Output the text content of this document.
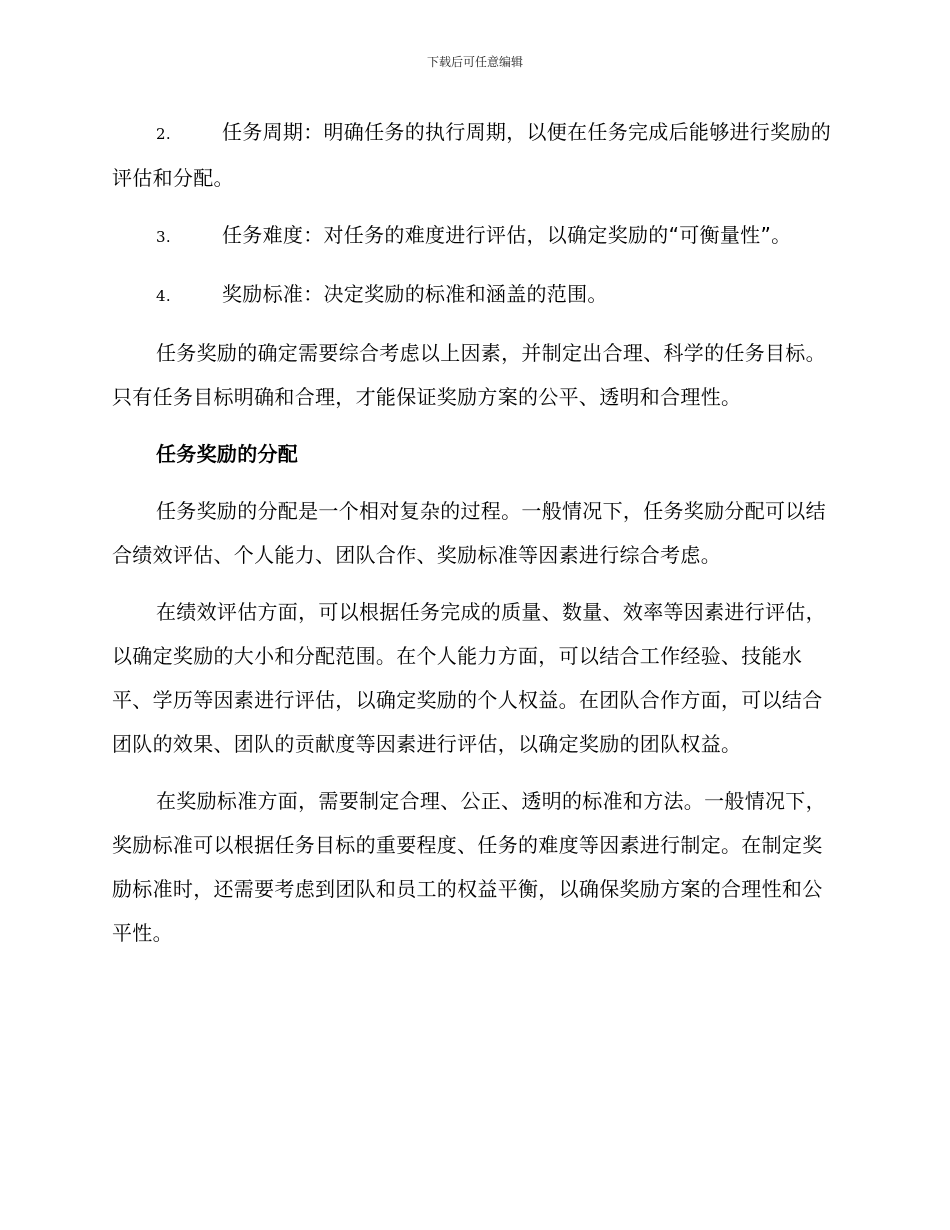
下载后可任意编辑

2.	任务周期：明确任务的执行周期，以便在任务完成后能够进行奖励的评估和分配。

3.	任务难度：对任务的难度进行评估，以确定奖励的“可衡量性”。

4.	奖励标准：决定奖励的标准和涵盖的范围。

任务奖励的确定需要综合考虑以上因素，并制定出合理、科学的任务目标。只有任务目标明确和合理，才能保证奖励方案的公平、透明和合理性。

任务奖励的分配

任务奖励的分配是一个相对复杂的过程。一般情况下，任务奖励分配可以结合绩效评估、个人能力、团队合作、奖励标准等因素进行综合考虑。

在绩效评估方面，可以根据任务完成的质量、数量、效率等因素进行评估，以确定奖励的大小和分配范围。在个人能力方面，可以结合工作经验、技能水平、学历等因素进行评估，以确定奖励的个人权益。在团队合作方面，可以结合团队的效果、团队的贡献度等因素进行评估，以确定奖励的团队权益。

在奖励标准方面，需要制定合理、公正、透明的标准和方法。一般情况下，奖励标准可以根据任务目标的重要程度、任务的难度等因素进行制定。在制定奖励标准时，还需要考虑到团队和员工的权益平衡，以确保奖励方案的合理性和公平性。
